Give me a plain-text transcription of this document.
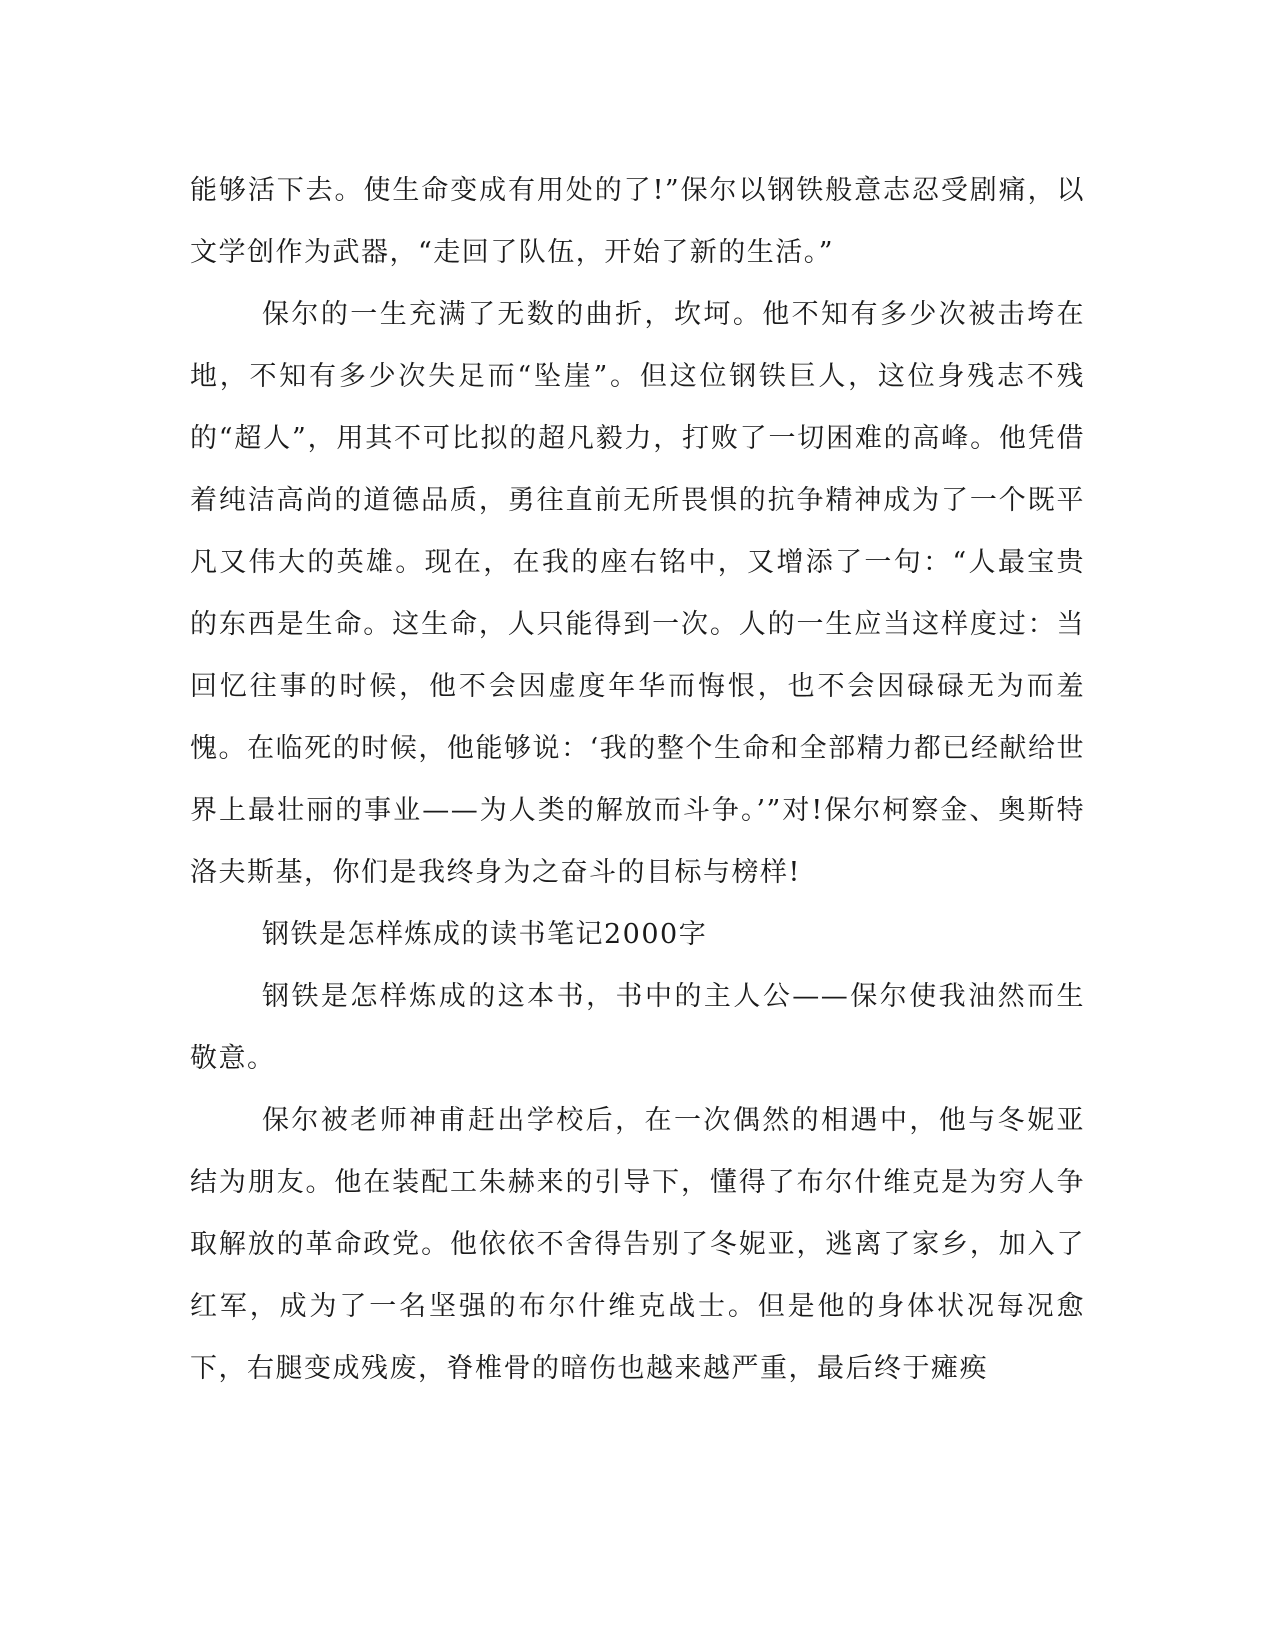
能够活下去。使生命变成有用处的了!”保尔以钢铁般意志忍受剧痛，以文学创作为武器，“走回了队伍，开始了新的生活。”

保尔的一生充满了无数的曲折，坎坷。他不知有多少次被击垮在地，不知有多少次失足而“坠崖”。但这位钢铁巨人，这位身残志不残的“超人”，用其不可比拟的超凡毅力，打败了一切困难的高峰。他凭借着纯洁高尚的道德品质，勇往直前无所畏惧的抗争精神成为了一个既平凡又伟大的英雄。现在，在我的座右铭中，又增添了一句：“人最宝贵的东西是生命。这生命，人只能得到一次。人的一生应当这样度过：当回忆往事的时候，他不会因虚度年华而悔恨，也不会因碌碌无为而羞愧。在临死的时候，他能够说：‘我的整个生命和全部精力都已经献给世界上最壮丽的事业——为人类的解放而斗争。’”对!保尔柯察金、奥斯特洛夫斯基，你们是我终身为之奋斗的目标与榜样!

钢铁是怎样炼成的读书笔记2000字

钢铁是怎样炼成的这本书，书中的主人公——保尔使我油然而生敬意。

保尔被老师神甫赶出学校后，在一次偶然的相遇中，他与冬妮亚结为朋友。他在装配工朱赫来的引导下，懂得了布尔什维克是为穷人争取解放的革命政党。他依依不舍得告别了冬妮亚，逃离了家乡，加入了红军，成为了一名坚强的布尔什维克战士。但是他的身体状况每况愈下，右腿变成残废，脊椎骨的暗伤也越来越严重，最后终于瘫痪
